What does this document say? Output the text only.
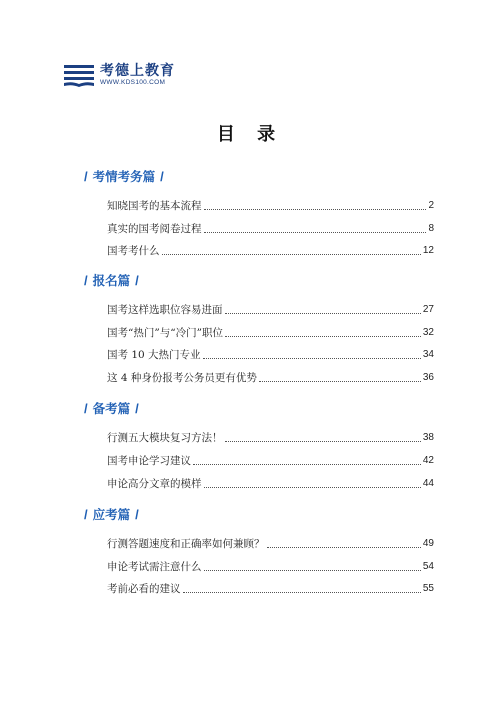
考德上教育
WWW.KDS100.COM
目 录
/ 考情考务篇 /
知晓国考的基本流程	2
真实的国考阅卷过程	8
国考考什么	12
/ 报名篇 /
国考这样选职位容易进面	27
国考“热门”与“冷门”职位	32
国考 10 大热门专业	34
这 4 种身份报考公务员更有优势	36
/ 备考篇 /
行测五大模块复习方法！	38
国考申论学习建议	42
申论高分文章的模样	44
/ 应考篇 /
行测答题速度和正确率如何兼顾？	49
申论考试需注意什么	54
考前必看的建议	55
